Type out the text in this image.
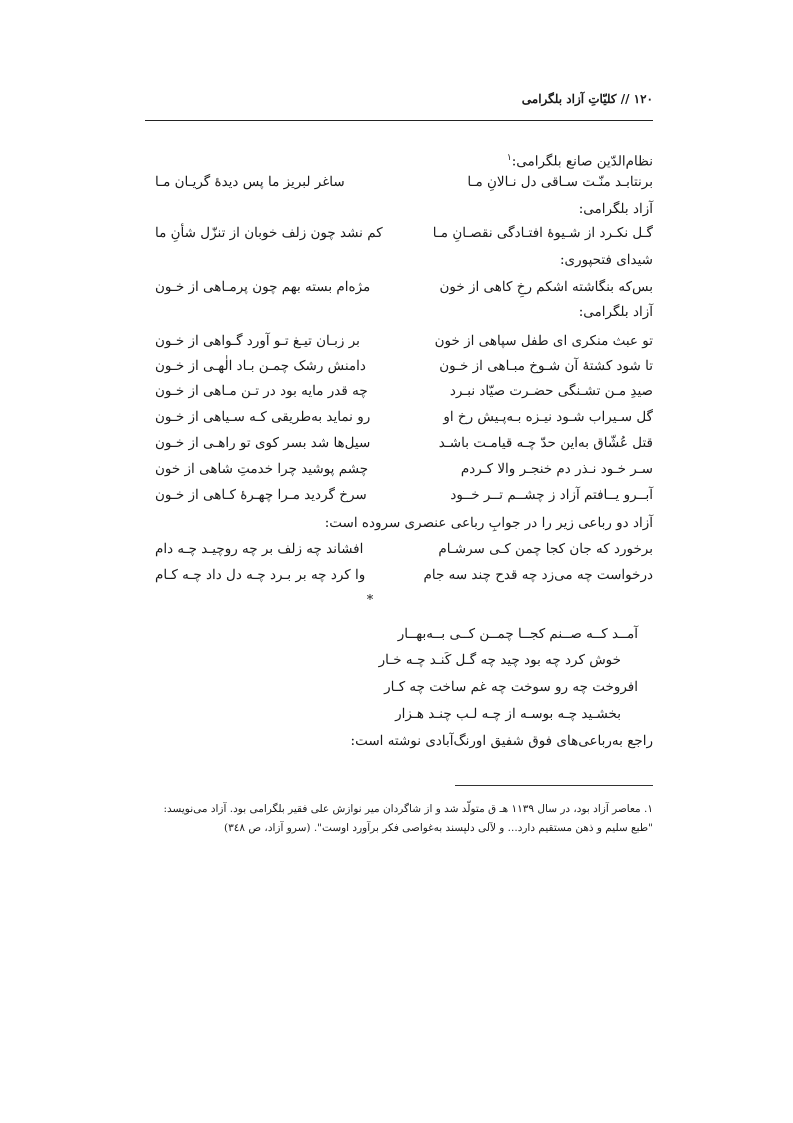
۱۲۰ // کلیّاتِ آزاد بلگرامی
نظام‌الدّین صانع بلگرامی:$^۱$
برنتابـد منّـت سـاقی دل نـالانِ مـا
ساغر لبریز ما پس دیدۀ گریـان مـا
آزاد بلگرامی:
گـل نکـرد از شـیوۀ افتـادگی نقصـانِ مـا
کم نشد چون زلف خوبان از تنزّل شأنِ ما
شیدای فتحپوری:
بس‌که بنگاشته اشکم رخِ کاهی از خون
مژەام بسته بهم چون پرمـاهی از خـون
آزاد بلگرامی:
تو عبث منکری ای طفل سپاهی از خون
بر زبـان تیـغ تـو آورد گـواهی از خـون
تا شود کشتۀ آن شـوخ مبـاهی از خـون
دامنش رشک چمـن بـاد الٰهـی از خـون
صیدِ مـن تشـنگی حضـرت صیّاد نبـرد
چه قدر مایه بود در تـن مـاهی از خـون
گل سـیراب شـود نیـزه بـه‌پـیش رخ او
رو نماید به‌طریقی کـه سـیاهی از خـون
قتل عُشّاق به‌این حدّ چـه قیامـت باشـد
سیل‌ها شد بسر کوی تو راهـی از خـون
سـر خـود نـذر دم خنجـر والا کـردم
چشم پوشید چرا خدمتِ شاهی از خون
آبــرو یــافتم آزاد ز چشــم تــر خــود
سرخ گردید مـرا چهـرۀ کـاهی از خـون
آزاد دو رباعی زیر را در جوابِ رباعی عنصری سروده است:
برخورد که جان کجا چمن کـی سرشـام
افشاند چه زلف بر چه روچیـد چـه دام
درخواست چه می‌زد چه قدح چند سه جام
وا کرد چه بر بـرد چـه دل داد چـه کـام
*
آمــد کــه صــنم کجــا چمــن کــی بــه‌بهــار
خوش کرد چه بود چید چه گـل کَنـد چـه خـار
افروخت چه رو سوخت چه غم ساخت چه کـار
بخشـید چـه بوسـه از چـه لـب چنـد هـزار
راجع به‌رباعی‌های فوق شفیق اورنگ‌آبادی نوشته است:
۱. معاصر آزاد بود، در سال ۱۱۳۹ هـ ق متولّد شد و از شاگردان میر نوازش علی فقیر بلگرامی بود. آزاد می‌نویسد:
"طبع سلیم و ذهن مستقیم دارد... و لآلی دلپسند به‌غواصی فکر برآورد اوست". (سرو آزاد، ص ۳٤۸)
